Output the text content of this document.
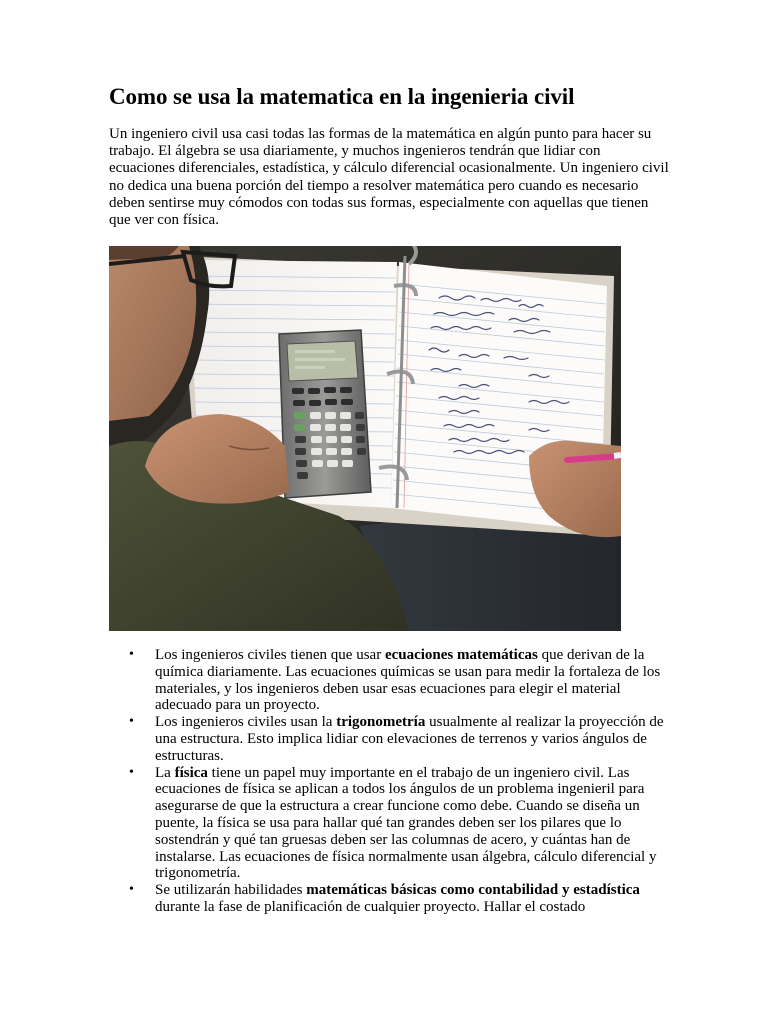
Como se usa la matematica en la ingenieria civil

Un ingeniero civil usa casi todas las formas de la matemática en algún punto para hacer su trabajo. El álgebra se usa diariamente, y muchos ingenieros tendrán que lidiar con ecuaciones diferenciales, estadística, y cálculo diferencial ocasionalmente. Un ingeniero civil no dedica una buena porción del tiempo a resolver matemática pero cuando es necesario deben sentirse muy cómodos con todas sus formas, especialmente con aquellas que tienen que ver con física.

• Los ingenieros civiles tienen que usar ecuaciones matemáticas que derivan de la química diariamente. Las ecuaciones químicas se usan para medir la fortaleza de los materiales, y los ingenieros deben usar esas ecuaciones para elegir el material adecuado para un proyecto.
• Los ingenieros civiles usan la trigonometría usualmente al realizar la proyección de una estructura. Esto implica lidiar con elevaciones de terrenos y varios ángulos de estructuras.
• La física tiene un papel muy importante en el trabajo de un ingeniero civil. Las ecuaciones de física se aplican a todos los ángulos de un problema ingenieril para asegurarse de que la estructura a crear funcione como debe. Cuando se diseña un puente, la física se usa para hallar qué tan grandes deben ser los pilares que lo sostendrán y qué tan gruesas deben ser las columnas de acero, y cuántas han de instalarse. Las ecuaciones de física normalmente usan álgebra, cálculo diferencial y trigonometría.
• Se utilizarán habilidades matemáticas básicas como contabilidad y estadística durante la fase de planificación de cualquier proyecto. Hallar el costado
